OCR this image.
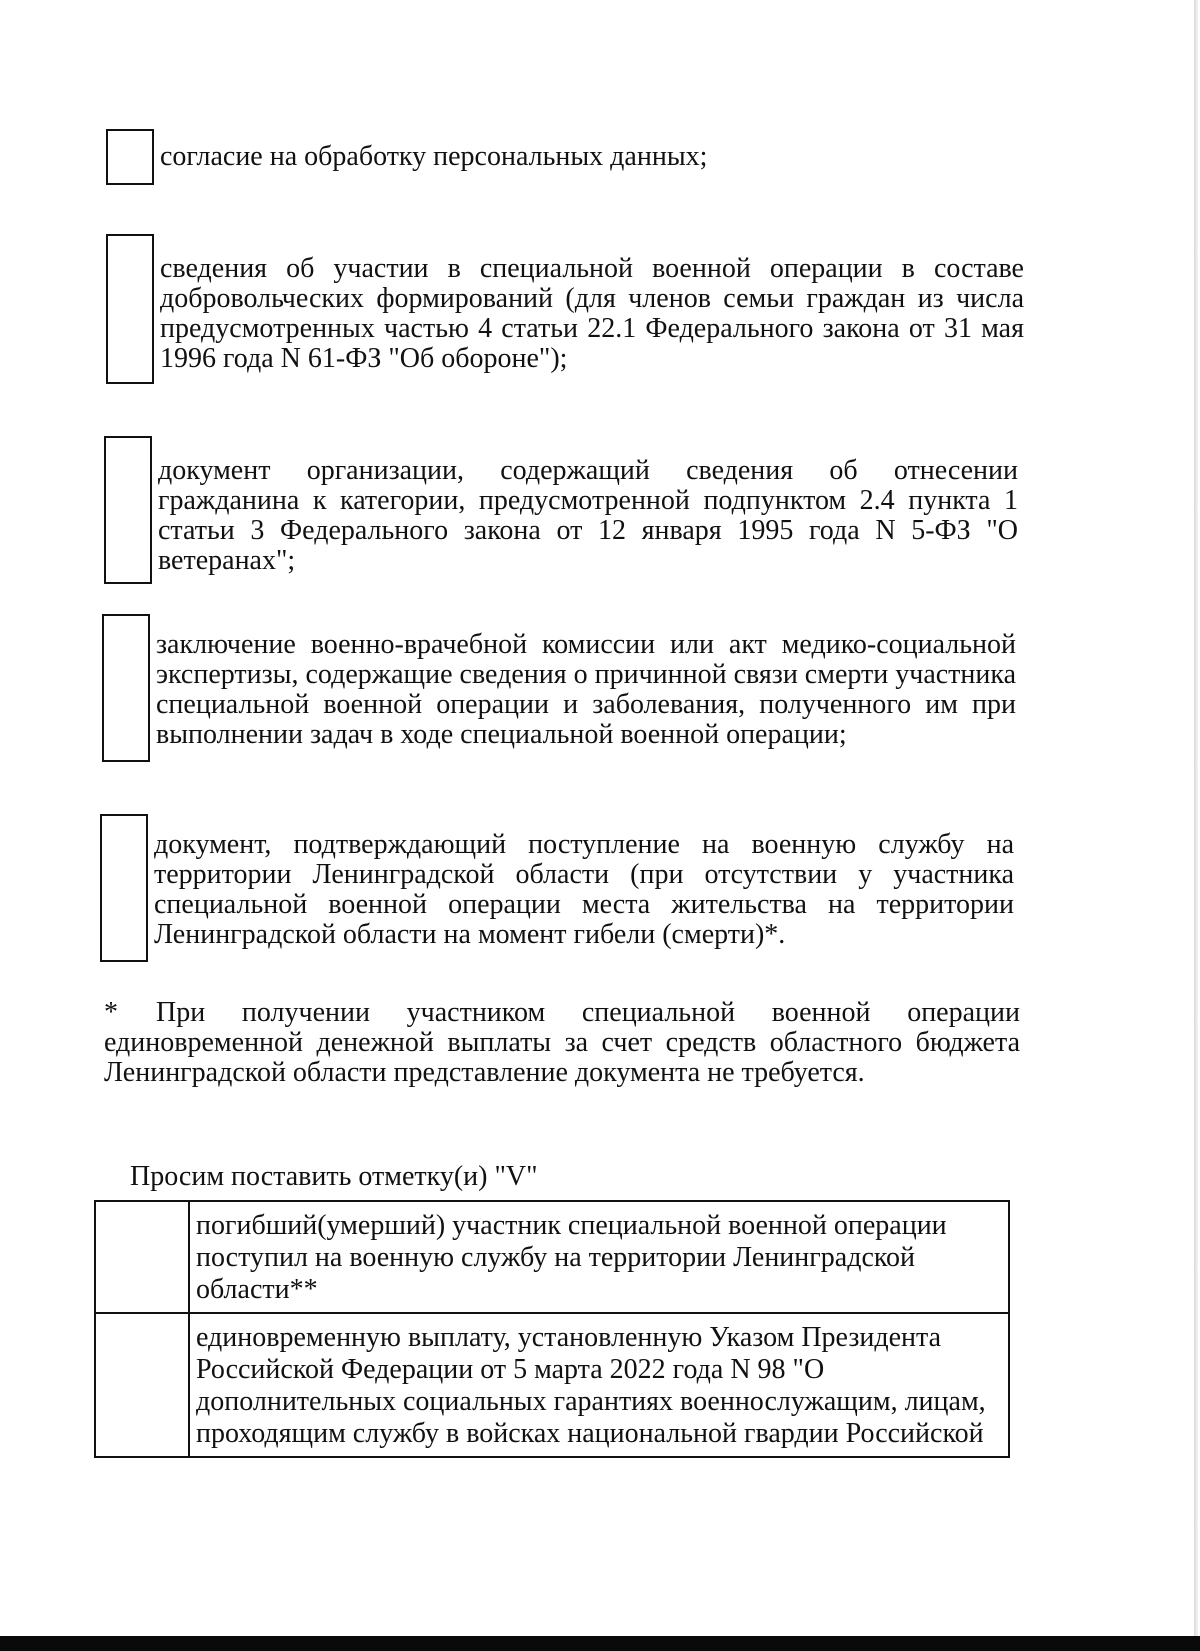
согласие на обработку персональных данных;
сведения об участии в специальной военной операции в составе добровольческих формирований (для членов семьи граждан из числа предусмотренных частью 4 статьи 22.1 Федерального закона от 31 мая 1996 года N 61-ФЗ "Об обороне");
документ организации, содержащий сведения об отнесении гражданина к категории, предусмотренной подпунктом 2.4 пункта 1 статьи 3 Федерального закона от 12 января 1995 года N 5-ФЗ "О ветеранах";
заключение военно-врачебной комиссии или акт медико-социальной экспертизы, содержащие сведения о причинной связи смерти участника специальной военной операции и заболевания, полученного им при выполнении задач в ходе специальной военной операции;
документ, подтверждающий поступление на военную службу на территории Ленинградской области (при отсутствии у участника специальной военной операции места жительства на территории Ленинградской области на момент гибели (смерти)*.
* При получении участником специальной военной операции единовременной денежной выплаты за счет средств областного бюджета Ленинградской области представление документа не требуется.
Просим поставить отметку(и) "V"
	погибший(умерший) участник специальной военной операции поступил на военную службу на территории Ленинградской области**
	единовременную выплату, установленную Указом Президента Российской Федерации от 5 марта 2022 года N 98 "О дополнительных социальных гарантиях военнослужащим, лицам, проходящим службу в войсках национальной гвардии Российской
